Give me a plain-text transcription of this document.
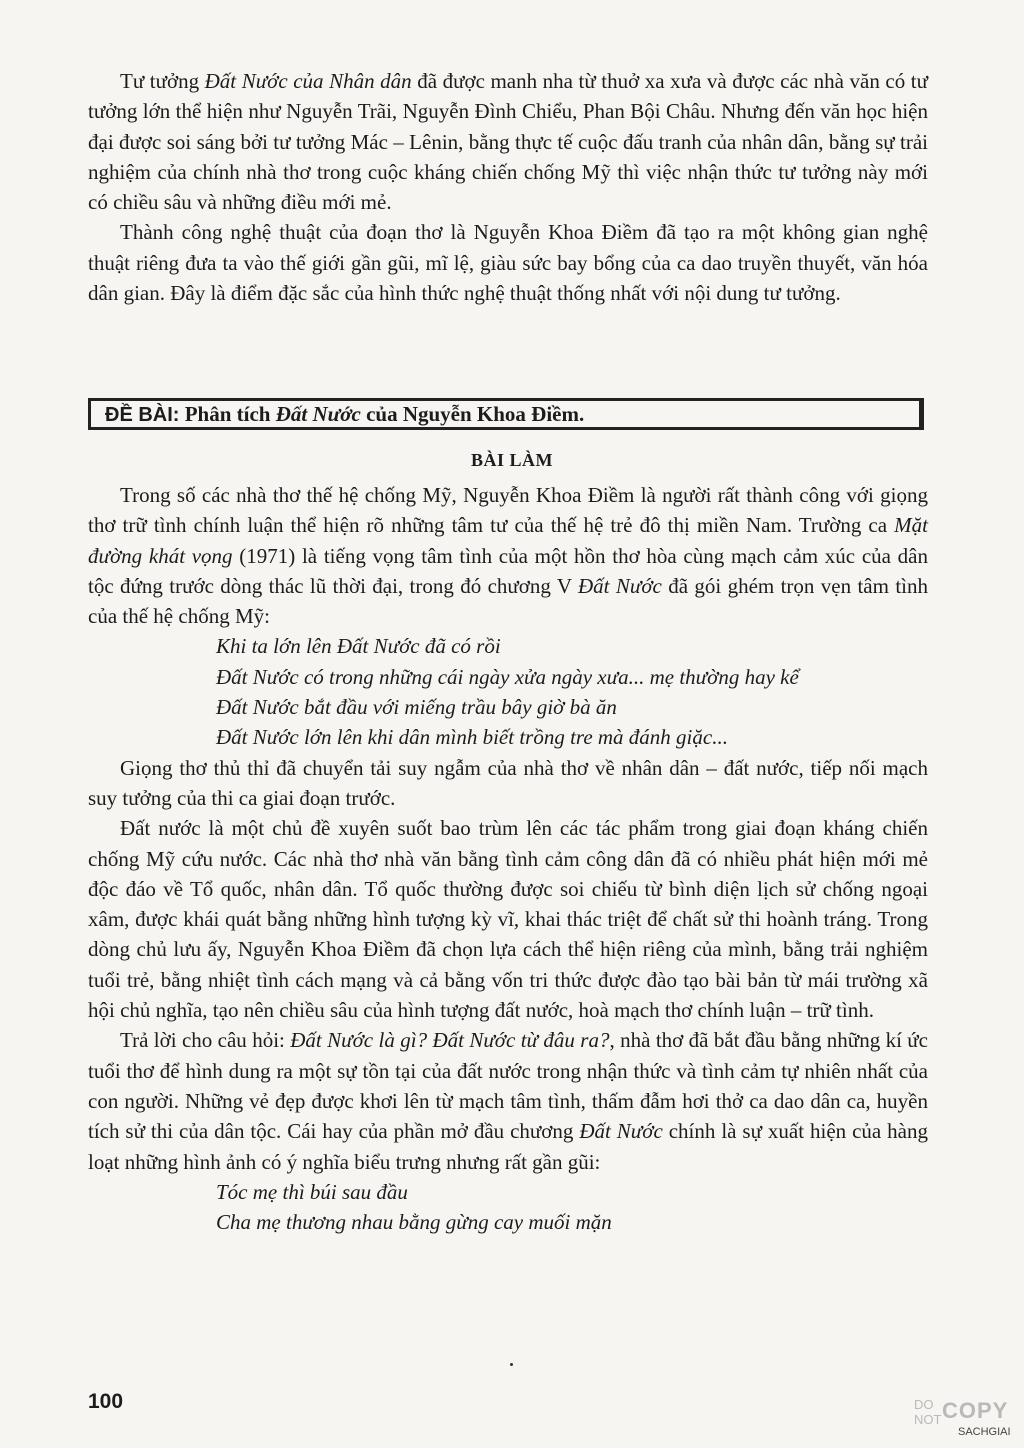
Tư tưởng Đất Nước của Nhân dân đã được manh nha từ thuở xa xưa và được các nhà văn có tư tưởng lớn thể hiện như Nguyễn Trãi, Nguyễn Đình Chiểu, Phan Bội Châu. Nhưng đến văn học hiện đại được soi sáng bởi tư tưởng Mác – Lênin, bằng thực tế cuộc đấu tranh của nhân dân, bằng sự trải nghiệm của chính nhà thơ trong cuộc kháng chiến chống Mỹ thì việc nhận thức tư tưởng này mới có chiều sâu và những điều mới mẻ.

Thành công nghệ thuật của đoạn thơ là Nguyễn Khoa Điềm đã tạo ra một không gian nghệ thuật riêng đưa ta vào thế giới gần gũi, mĩ lệ, giàu sức bay bổng của ca dao truyền thuyết, văn hóa dân gian. Đây là điểm đặc sắc của hình thức nghệ thuật thống nhất với nội dung tư tưởng.

ĐỀ BÀI: Phân tích Đất Nước của Nguyễn Khoa Điềm.
BÀI LÀM

Trong số các nhà thơ thế hệ chống Mỹ, Nguyễn Khoa Điềm là người rất thành công với giọng thơ trữ tình chính luận thể hiện rõ những tâm tư của thế hệ trẻ đô thị miền Nam. Trường ca Mặt đường khát vọng (1971) là tiếng vọng tâm tình của một hồn thơ hòa cùng mạch cảm xúc của dân tộc đứng trước dòng thác lũ thời đại, trong đó chương V Đất Nước đã gói ghém trọn vẹn tâm tình của thế hệ chống Mỹ:

Khi ta lớn lên Đất Nước đã có rồi
Đất Nước có trong những cái ngày xửa ngày xưa... mẹ thường hay kể
Đất Nước bắt đầu với miếng trầu bây giờ bà ăn
Đất Nước lớn lên khi dân mình biết trồng tre mà đánh giặc...

Giọng thơ thủ thỉ đã chuyển tải suy ngẫm của nhà thơ về nhân dân – đất nước, tiếp nối mạch suy tưởng của thi ca giai đoạn trước.

Đất nước là một chủ đề xuyên suốt bao trùm lên các tác phẩm trong giai đoạn kháng chiến chống Mỹ cứu nước. Các nhà thơ nhà văn bằng tình cảm công dân đã có nhiều phát hiện mới mẻ độc đáo về Tổ quốc, nhân dân. Tổ quốc thường được soi chiếu từ bình diện lịch sử chống ngoại xâm, được khái quát bằng những hình tượng kỳ vĩ, khai thác triệt để chất sử thi hoành tráng. Trong dòng chủ lưu ấy, Nguyễn Khoa Điềm đã chọn lựa cách thể hiện riêng của mình, bằng trải nghiệm tuổi trẻ, bằng nhiệt tình cách mạng và cả bằng vốn tri thức được đào tạo bài bản từ mái trường xã hội chủ nghĩa, tạo nên chiều sâu của hình tượng đất nước, hoà mạch thơ chính luận – trữ tình.

Trả lời cho câu hỏi: Đất Nước là gì? Đất Nước từ đâu ra?, nhà thơ đã bắt đầu bằng những kí ức tuổi thơ để hình dung ra một sự tồn tại của đất nước trong nhận thức và tình cảm tự nhiên nhất của con người. Những vẻ đẹp được khơi lên từ mạch tâm tình, thấm đẫm hơi thở ca dao dân ca, huyền tích sử thi của dân tộc. Cái hay của phần mở đầu chương Đất Nước chính là sự xuất hiện của hàng loạt những hình ảnh có ý nghĩa biểu trưng nhưng rất gần gũi:

Tóc mẹ thì búi sau đầu
Cha mẹ thương nhau bằng gừng cay muối mặn
100	DO
NOT COPY
SACHGIAI
